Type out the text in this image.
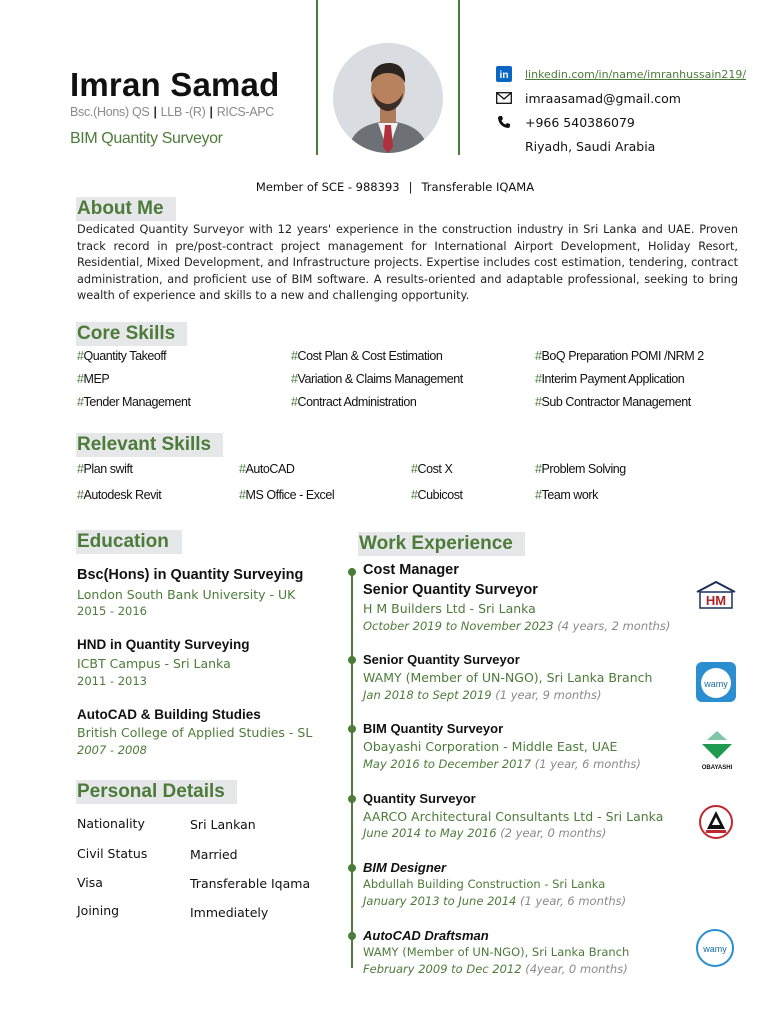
Imran Samad
Bsc.(Hons) QS | LLB -(R) | RICS-APC
BIM Quantity Surveyor
in linkedin.com/in/name/imranhussain219/
imraasamad@gmail.com
+966 540386079
Riyadh, Saudi Arabia
Member of SCE - 988393 | Transferable IQAMA
About Me
Dedicated Quantity Surveyor with 12 years' experience in the construction industry in Sri Lanka and UAE. Proven track record in pre/post-contract project management for International Airport Development, Holiday Resort, Residential, Mixed Development, and Infrastructure projects. Expertise includes cost estimation, tendering, contract administration, and proficient use of BIM software. A results-oriented and adaptable professional, seeking to bring wealth of experience and skills to a new and challenging opportunity.
Core Skills
#Quantity Takeoff	#Cost Plan & Cost Estimation	#BoQ Preparation POMI /NRM 2
#MEP	#Variation & Claims Management	#Interim Payment Application
#Tender Management	#Contract Administration	#Sub Contractor Management
Relevant Skills
#Plan swift	#AutoCAD	#Cost X	#Problem Solving
#Autodesk Revit	#MS Office - Excel	#Cubicost	#Team work
Education
Bsc(Hons) in Quantity Surveying
London South Bank University - UK
2015 - 2016
HND in Quantity Surveying
ICBT Campus - Sri Lanka
2011 - 2013
AutoCAD & Building Studies
British College of Applied Studies - SL
2007 - 2008
Personal Details
Nationality	Sri Lankan
Civil Status	Married
Visa	Transferable Iqama
Joining	Immediately
Work Experience
Cost Manager
Senior Quantity Surveyor
H M Builders Ltd - Sri Lanka
October 2019 to November 2023 (4 years, 2 months)
HM
Senior Quantity Surveyor
WAMY (Member of UN-NGO), Sri Lanka Branch
Jan 2018 to Sept 2019 (1 year, 9 months)
wamy
BIM Quantity Surveyor
Obayashi Corporation - Middle East, UAE
May 2016 to December 2017 (1 year, 6 months)	OBAYASHI
Quantity Surveyor
AARCO Architectural Consultants Ltd - Sri Lanka
June 2014 to May 2016 (2 year, 0 months)
BIM Designer
Abdullah Building Construction - Sri Lanka
January 2013 to June 2014 (1 year, 6 months)
AutoCAD Draftsman
WAMY (Member of UN-NGO), Sri Lanka Branch
February 2009 to Dec 2012 (4year, 0 months)
wamy
